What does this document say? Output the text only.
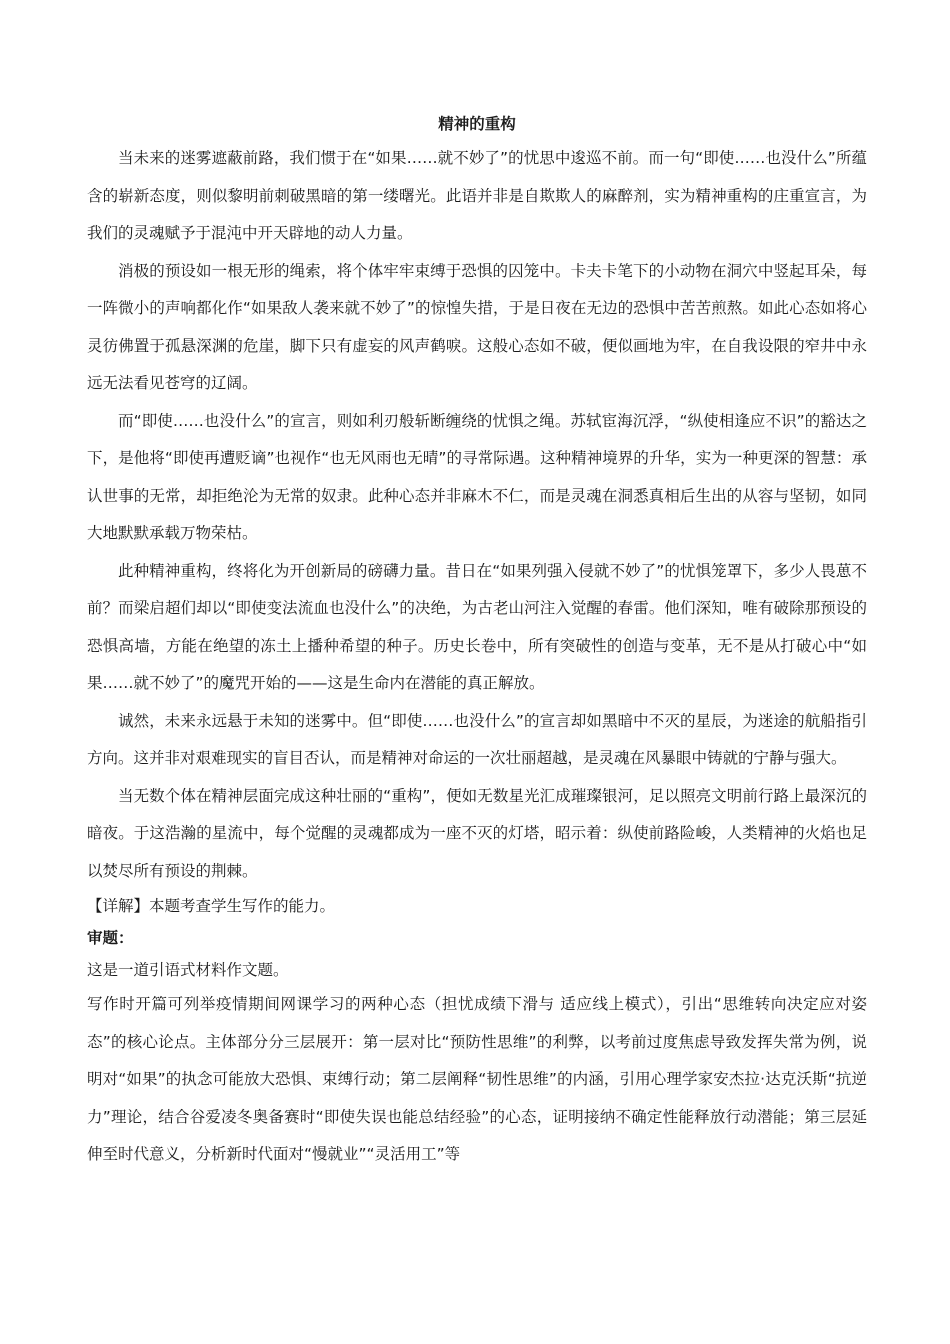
精神的重构

当未来的迷雾遮蔽前路，我们惯于在“如果……就不妙了”的忧思中逡巡不前。而一句“即使……也没什么”所蕴含的崭新态度，则似黎明前刺破黑暗的第一缕曙光。此语并非是自欺欺人的麻醉剂，实为精神重构的庄重宣言，为我们的灵魂赋予于混沌中开天辟地的动人力量。

消极的预设如一根无形的绳索，将个体牢牢束缚于恐惧的囚笼中。卡夫卡笔下的小动物在洞穴中竖起耳朵，每一阵微小的声响都化作“如果敌人袭来就不妙了”的惊惶失措，于是日夜在无边的恐惧中苦苦煎熬。如此心态如将心灵彷佛置于孤悬深渊的危崖，脚下只有虚妄的风声鹤唳。这般心态如不破，便似画地为牢，在自我设限的窄井中永远无法看见苍穹的辽阔。

而“即使……也没什么”的宣言，则如利刃般斩断缠绕的忧惧之绳。苏轼宦海沉浮，“纵使相逢应不识”的豁达之下，是他将“即使再遭贬谪”也视作“也无风雨也无晴”的寻常际遇。这种精神境界的升华，实为一种更深的智慧：承认世事的无常，却拒绝沦为无常的奴隶。此种心态并非麻木不仁，而是灵魂在洞悉真相后生出的从容与坚韧，如同大地默默承载万物荣枯。

此种精神重构，终将化为开创新局的磅礴力量。昔日在“如果列强入侵就不妙了”的忧惧笼罩下，多少人畏葸不前？而梁启超们却以“即使变法流血也没什么”的决绝，为古老山河注入觉醒的春雷。他们深知，唯有破除那预设的恐惧高墙，方能在绝望的冻土上播种希望的种子。历史长卷中，所有突破性的创造与变革，无不是从打破心中“如果……就不妙了”的魔咒开始的——这是生命内在潜能的真正解放。

诚然，未来永远悬于未知的迷雾中。但“即使……也没什么”的宣言却如黑暗中不灭的星辰，为迷途的航船指引方向。这并非对艰难现实的盲目否认，而是精神对命运的一次壮丽超越，是灵魂在风暴眼中铸就的宁静与强大。

当无数个体在精神层面完成这种壮丽的“重构”，便如无数星光汇成璀璨银河，足以照亮文明前行路上最深沉的暗夜。于这浩瀚的星流中，每个觉醒的灵魂都成为一座不灭的灯塔，昭示着：纵使前路险峻，人类精神的火焰也足以焚尽所有预设的荆棘。

【详解】本题考查学生写作的能力。

审题：

这是一道引语式材料作文题。

写作时开篇可列举疫情期间网课学习的两种心态（担忧成绩下滑与 适应线上模式），引出“思维转向决定应对姿态”的核心论点。主体部分分三层展开：第一层对比“预防性思维”的利弊，以考前过度焦虑导致发挥失常为例，说明对“如果”的执念可能放大恐惧、束缚行动；第二层阐释“韧性思维”的内涵，引用心理学家安杰拉·达克沃斯“抗逆力”理论，结合谷爱凌冬奥备赛时“即使失误也能总结经验”的心态，证明接纳不确定性能释放行动潜能；第三层延伸至时代意义，分析新时代面对“慢就业”“灵活用工”等
